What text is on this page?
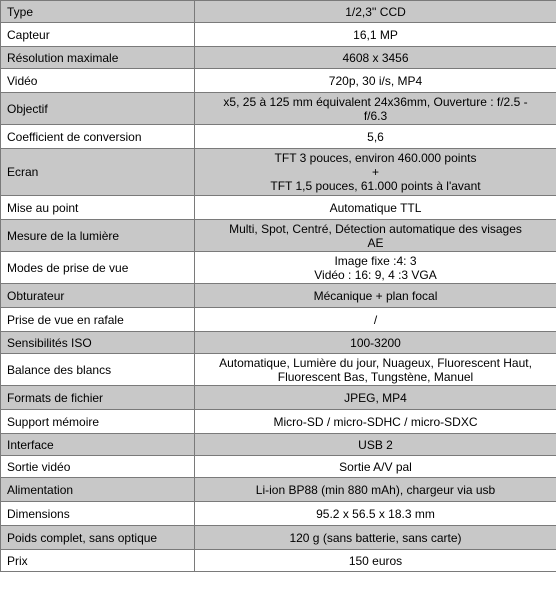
Type	1/2,3'' CCD

Capteur	16,1 MP

Résolution maximale	4608 x 3456

Vidéo	720p, 30 i/s, MP4

Objectif	x5, 25 à 125 mm équivalent 24x36mm, Ouverture : f/2.5 -
f/6.3

Coefficient de conversion	5,6

Ecran	TFT 3 pouces, environ 460.000 points
+
TFT 1,5 pouces, 61.000 points à l'avant

Mise au point	Automatique TTL

Mesure de la lumière	Multi, Spot, Centré, Détection automatique des visages
AE

Modes de prise de vue	Image fixe :4: 3
Vidéo : 16: 9, 4 :3 VGA

Obturateur	Mécanique + plan focal

Prise de vue en rafale	/

Sensibilités ISO	100-3200

Balance des blancs	Automatique, Lumière du jour, Nuageux, Fluorescent Haut,
Fluorescent Bas, Tungstène, Manuel

Formats de fichier	JPEG, MP4

Support mémoire	Micro-SD / micro-SDHC / micro-SDXC

Interface	USB 2

Sortie vidéo	Sortie A/V pal

Alimentation	Li-ion BP88 (min 880 mAh), chargeur via usb

Dimensions	95.2 x 56.5 x 18.3 mm

Poids complet, sans optique	120 g (sans batterie, sans carte)

Prix	150 euros
